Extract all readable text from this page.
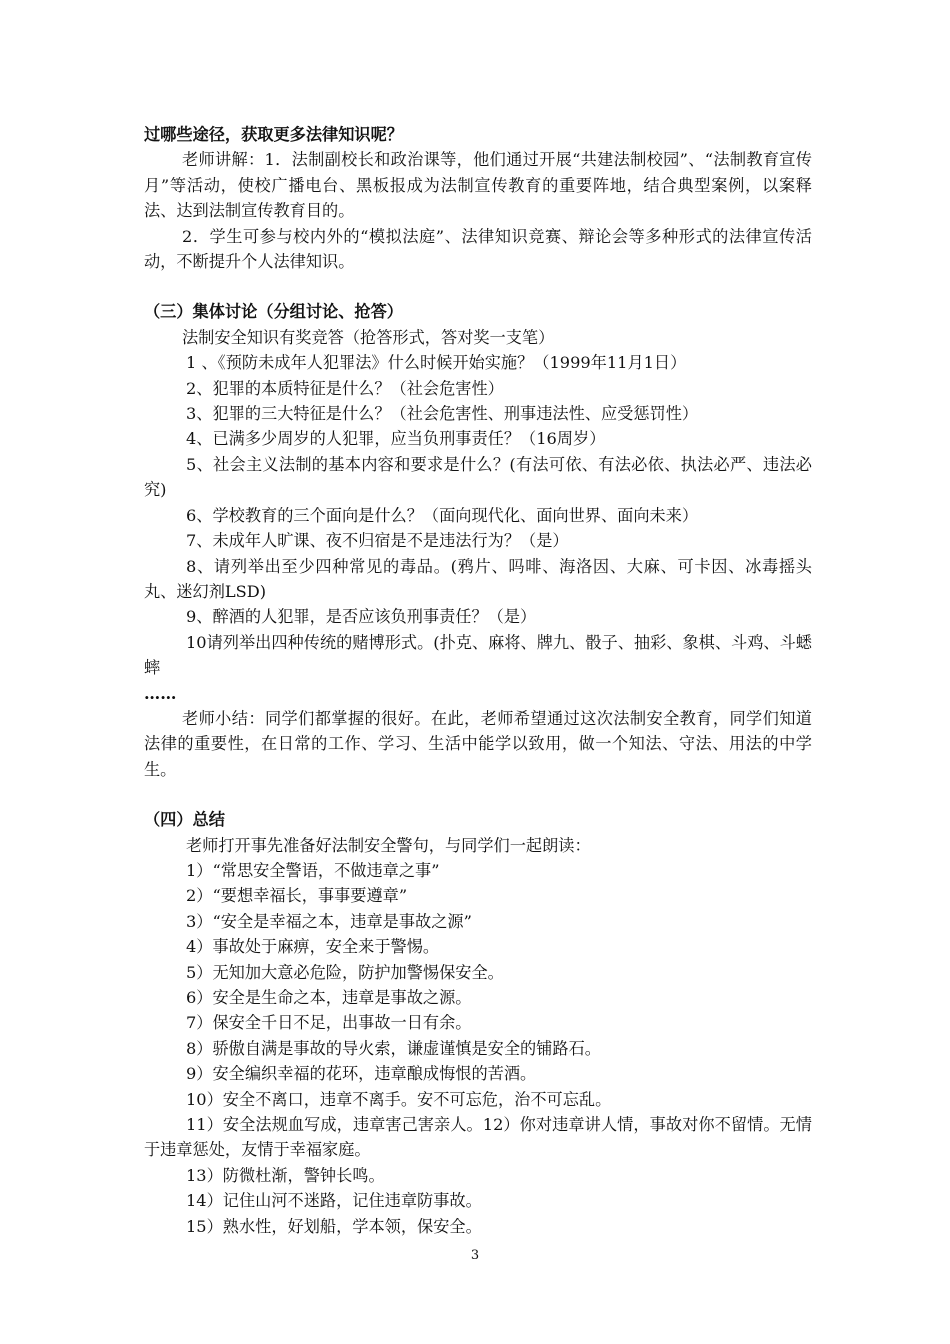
过哪些途径，获取更多法律知识呢？

老师讲解：1．法制副校长和政治课等，他们通过开展“共建法制校园”、“法制教育宣传月”等活动，使校广播电台、黑板报成为法制宣传教育的重要阵地，结合典型案例，以案释法、达到法制宣传教育目的。

2．学生可参与校内外的“模拟法庭”、法律知识竞赛、辩论会等多种形式的法律宣传活动，不断提升个人法律知识。

（三）集体讨论（分组讨论、抢答）

法制安全知识有奖竞答（抢答形式，答对奖一支笔）

1 、《预防未成年人犯罪法》什么时候开始实施？（1999年11月1日）

2、犯罪的本质特征是什么？（社会危害性）

3、犯罪的三大特征是什么？（社会危害性、刑事违法性、应受惩罚性）

4、已满多少周岁的人犯罪，应当负刑事责任？（16周岁）

5、社会主义法制的基本内容和要求是什么？(有法可依、有法必依、执法必严、违法必究)

6、学校教育的三个面向是什么？（面向现代化、面向世界、面向未来）

7、未成年人旷课、夜不归宿是不是违法行为？（是）

8、请列举出至少四种常见的毒品。(鸦片、吗啡、海洛因、大麻、可卡因、冰毒摇头丸、迷幻剂LSD)

9、醉酒的人犯罪，是否应该负刑事责任？（是）

10请列举出四种传统的赌博形式。(扑克、麻将、牌九、骰子、抽彩、象棋、斗鸡、斗蟋蟀

……

老师小结：同学们都掌握的很好。在此，老师希望通过这次法制安全教育，同学们知道法律的重要性，在日常的工作、学习、生活中能学以致用，做一个知法、守法、用法的中学生。

（四）总结

老师打开事先准备好法制安全警句，与同学们一起朗读：

1）“常思安全警语，不做违章之事”

2）“要想幸福长，事事要遵章”

3）“安全是幸福之本，违章是事故之源”

4）事故处于麻痹，安全来于警惕。

5）无知加大意必危险，防护加警惕保安全。

6）安全是生命之本，违章是事故之源。

7）保安全千日不足，出事故一日有余。

8）骄傲自满是事故的导火索，谦虚谨慎是安全的铺路石。

9）安全编织幸福的花环，违章酿成悔恨的苦酒。

10）安全不离口，违章不离手。安不可忘危，治不可忘乱。

11）安全法规血写成，违章害己害亲人。12）你对违章讲人情，事故对你不留情。无情于违章惩处，友情于幸福家庭。

13）防微杜渐，警钟长鸣。

14）记住山河不迷路，记住违章防事故。

15）熟水性，好划船，学本领，保安全。

3
